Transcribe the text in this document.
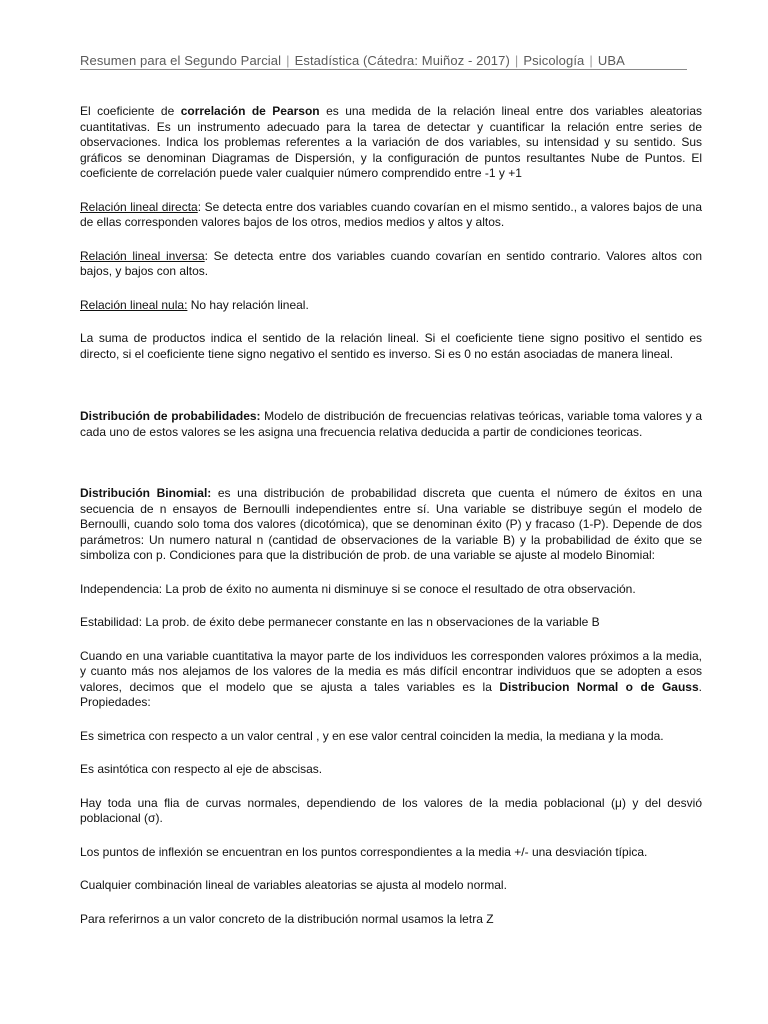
Resumen para el Segundo Parcial | Estadística (Cátedra: Muiñoz - 2017) | Psicología | UBA

El coeficiente de correlación de Pearson es una medida de la relación lineal entre dos variables aleatorias cuantitativas. Es un instrumento adecuado para la tarea de detectar y cuantificar la relación entre series de observaciones. Indica los problemas referentes a la variación de dos variables, su intensidad y su sentido. Sus gráficos se denominan Diagramas de Dispersión, y la configuración de puntos resultantes Nube de Puntos. El coeficiente de correlación puede valer cualquier número comprendido entre -1 y +1

Relación lineal directa: Se detecta entre dos variables cuando covarían en el mismo sentido., a valores bajos de una de ellas corresponden valores bajos de los otros, medios medios y altos y altos.

Relación lineal inversa: Se detecta entre dos variables cuando covarían en sentido contrario. Valores altos con bajos, y bajos con altos.

Relación lineal nula: No hay relación lineal.

La suma de productos indica el sentido de la relación lineal. Si el coeficiente tiene signo positivo el sentido es directo, si el coeficiente tiene signo negativo el sentido es inverso. Si es 0 no están asociadas de manera lineal.

Distribución de probabilidades: Modelo de distribución de frecuencias relativas teóricas, variable toma valores y a cada uno de estos valores se les asigna una frecuencia relativa deducida a partir de condiciones teoricas.

Distribución Binomial: es una distribución de probabilidad discreta que cuenta el número de éxitos en una secuencia de n ensayos de Bernoulli independientes entre sí. Una variable se distribuye según el modelo de Bernoulli, cuando solo toma dos valores (dicotómica), que se denominan éxito (P) y fracaso (1-P). Depende de dos parámetros: Un numero natural n (cantidad de observaciones de la variable B) y la probabilidad de éxito que se simboliza con p. Condiciones para que la distribución de prob. de una variable se ajuste al modelo Binomial:

Independencia: La prob de éxito no aumenta ni disminuye si se conoce el resultado de otra observación.

Estabilidad: La prob. de éxito debe permanecer constante en las n observaciones de la variable B

Cuando en una variable cuantitativa la mayor parte de los individuos les corresponden valores próximos a la media, y cuanto más nos alejamos de los valores de la media es más difícil encontrar individuos que se adopten a esos valores, decimos que el modelo que se ajusta a tales variables es la Distribucion Normal o de Gauss. Propiedades:

Es simetrica con respecto a un valor central , y en ese valor central coinciden la media, la mediana y la moda.

Es asintótica con respecto al eje de abscisas.

Hay toda una flia de curvas normales, dependiendo de los valores de la media poblacional (μ) y del desvió poblacional (σ).

Los puntos de inflexión se encuentran en los puntos correspondientes a la media +/- una desviación típica.

Cualquier combinación lineal de variables aleatorias se ajusta al modelo normal.

Para referirnos a un valor concreto de la distribución normal usamos la letra Z
